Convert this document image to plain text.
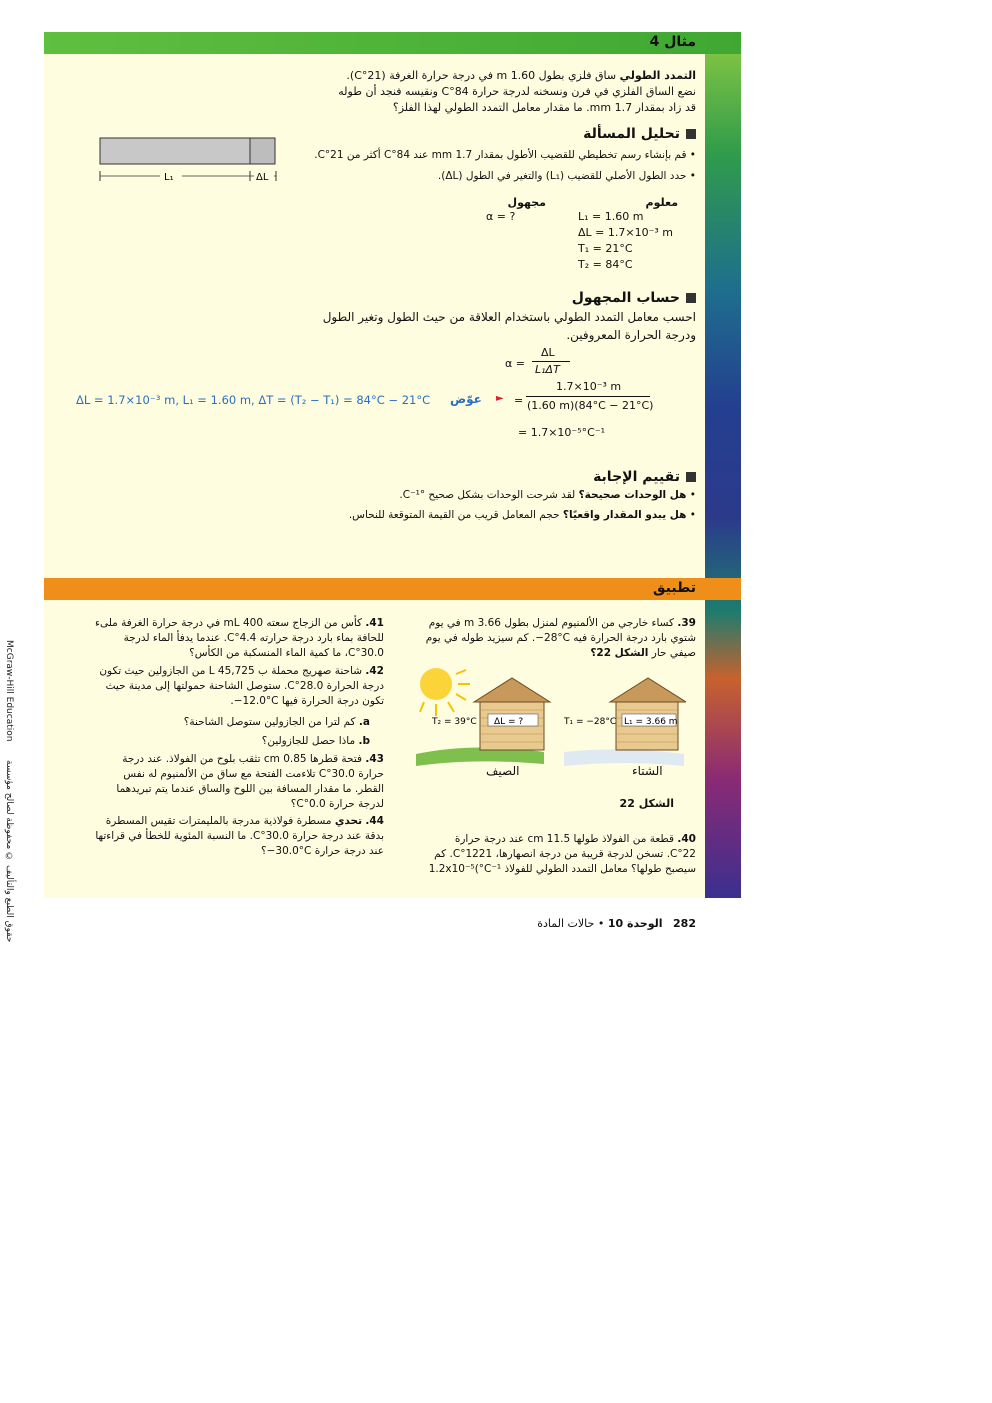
مثال 4
McGraw-Hill Education
حقوق الطبع والتأليف © محفوظة لصالح مؤسسة
التمدد الطولي ساق فلزي بطول 1.60 m في درجة حرارة الغرفة (21°C).
نضع الساق الفلزي في فرن ونسخنه لدرجة حرارة 84°C ونقيسه فنجد أن طوله
قد زاد بمقدار 1.7 mm. ما مقدار معامل التمدد الطولي لهذا الفلز؟
تحليل المسألة
• قم بإنشاء رسم تخطيطي للقضيب الأطول بمقدار 1.7 mm عند 84°C أكثر من 21°C.
• حدد الطول الأصلي للقضيب (L₁) والتغير في الطول (ΔL).
L₁	ΔL
معلوم
L₁ = 1.60 m
ΔL = 1.7×10⁻³ m
T₁ = 21°C
T₂ = 84°C
مجهول
α = ?
حساب المجهول
احسب معامل التمدد الطولي باستخدام العلاقة من حيث الطول وتغير الطول
ودرجة الحرارة المعروفين.
α =
ΔL
L₁ΔT
=
1.7×10⁻³ m
(1.60 m)(84°C − 21°C)
= 1.7×10⁻⁵°C⁻¹
►
عوّض
ΔL = 1.7×10⁻³ m, L₁ = 1.60 m, ΔT = (T₂ − T₁) = 84°C − 21°C
تقييم الإجابة
• هل الوحدات صحيحة؟ لقد شرحت الوحدات بشكل صحيح °C⁻¹.
• هل يبدو المقدار واقعيًا؟ حجم المعامل قريب من القيمة المتوقعة للنحاس.
تطبيق
39. كساء خارجي من الألمنيوم لمنزل بطول 3.66 m في يوم شتوي بارد درجة الحرارة فيه ‎−28°C. كم سيزيد طوله في يوم صيفي حار الشكل 22؟
T₂ = 39°C ΔL = ?	T₁ = −28°C L₁ = 3.66 m
الصيف	الشتاء
الشكل 22
40. قطعة من الفولاذ طولها 11.5 cm عند درجة حرارة 22°C. تسخن لدرجة قريبة من درجة انصهارها، 1221°C. كم سيصبح طولها؟ معامل التمدد الطولي للفولاذ 1.2x10⁻⁵(°C⁻¹
41. كأس من الزجاج سعته 400 mL في درجة حرارة الغرفة ملىء للحافة بماء بارد درجة حرارته 4.4°C. عندما يدفأ الماء لدرجة 30.0°C، ما كمية الماء المنسكبة من الكأس؟
42. شاحنة صهريج محملة ب 45,725 L من الجازولين حيث تكون درجة الحرارة 28.0°C. ستوصل الشاحنة حمولتها إلى مدينة حيث تكون درجة الحرارة فيها ‎−12.0°C.
a. كم لترا من الجازولين ستوصل الشاحنة؟
b. ماذا حصل للجازولين؟
43. فتحة قطرها 0.85 cm تثقب بلوح من الفولاذ. عند درجة حرارة 30.0°C تلاءمت الفتحة مع ساق من الألمنيوم له نفس القطر. ما مقدار المسافة بين اللوح والساق عندما يتم تبريدهما لدرجة حرارة 0.0°C؟
44. تحدي مسطرة فولاذية مدرجة بالمليمترات تقيس المسطرة بدقة عند درجة حرارة 30.0°C. ما النسبة المئوية للخطأ في قراءتها عند درجة حرارة ‎−30.0°C؟
282   الوحدة 10 • حالات المادة
